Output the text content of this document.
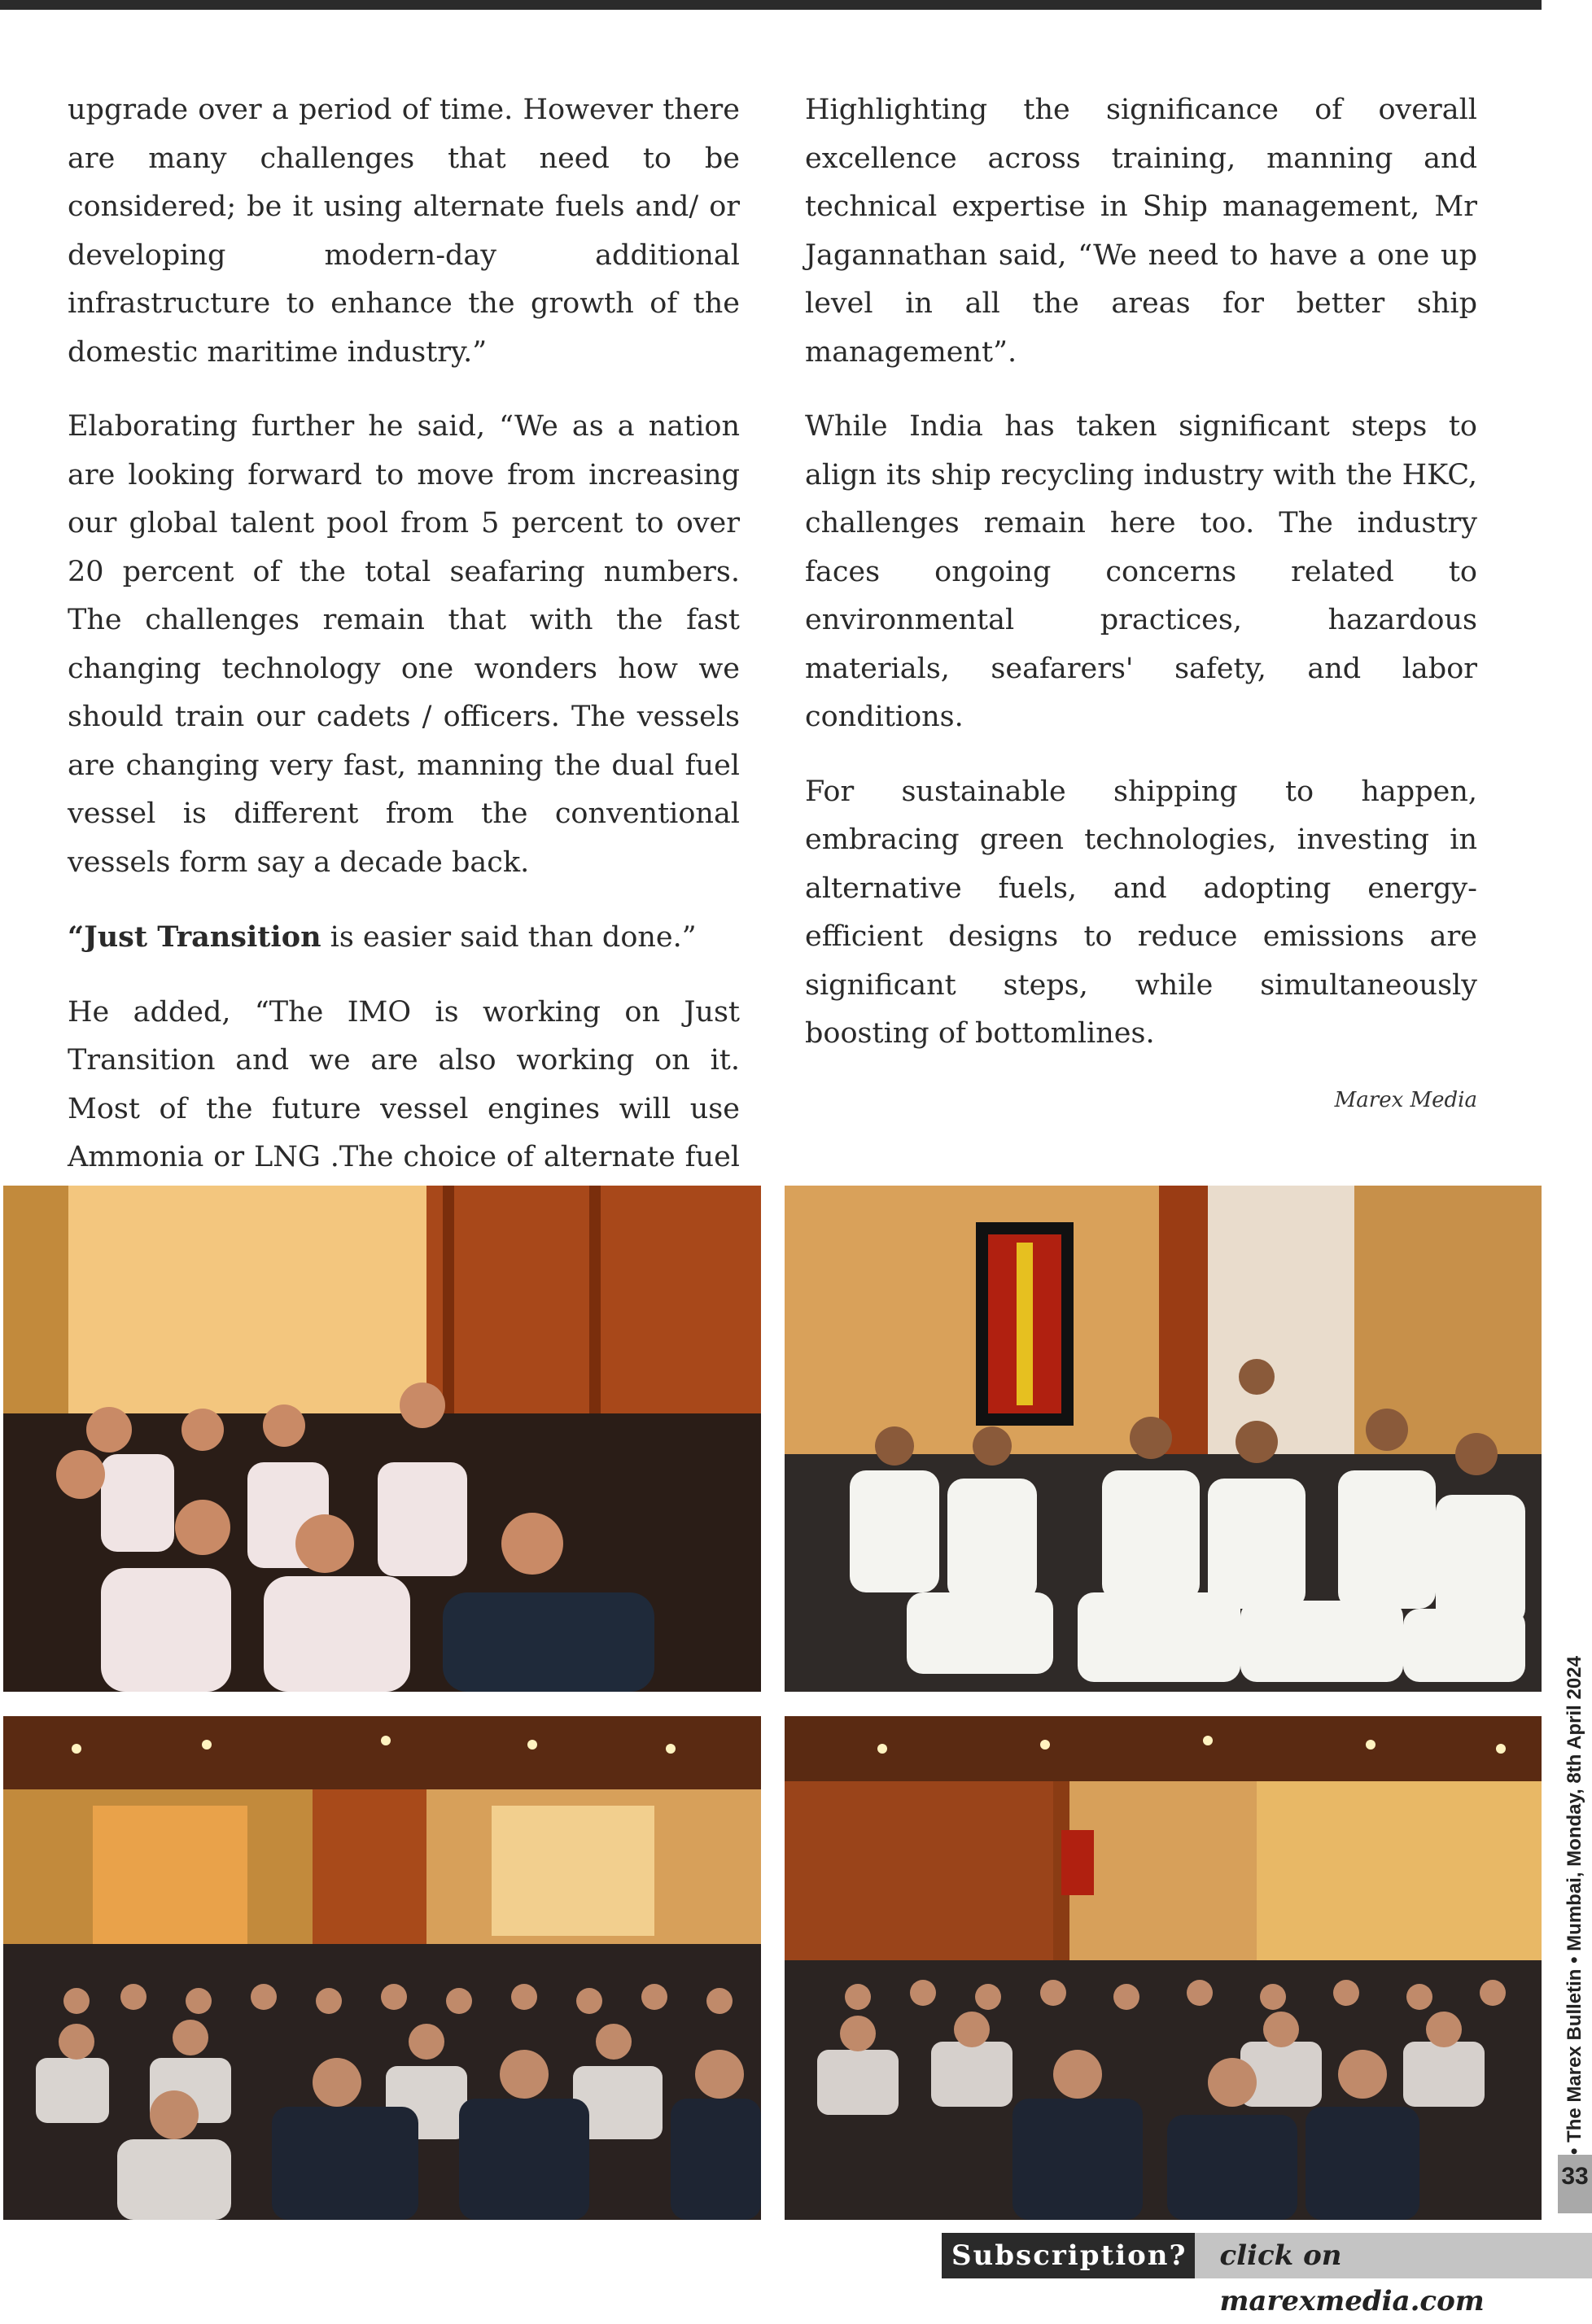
upgrade over a period of time. However there are many challenges that need to be considered; be it using alternate fuels and/ or developing modern-day additional infrastructure to enhance the growth of the domestic maritime industry.”

Elaborating further he said, “We as a nation are looking forward to move from increasing our global talent pool from 5 percent to over 20 percent of the total seafaring numbers. The challenges remain that with the fast changing technology one wonders how we should train our cadets / officers. The vessels are changing very fast, manning the dual fuel vessel is different from the conventional vessels form say a decade back.

“Just Transition is easier said than done.”

He added, “The IMO is working on Just Transition and we are also working on it. Most of the future vessel engines will use Ammonia or LNG .The choice of alternate fuel

Highlighting the significance of overall excellence across training, manning and technical expertise in Ship management, Mr Jagannathan said, “We need to have a one up level in all the areas for better ship management”.

While India has taken significant steps to align its ship recycling industry with the HKC, challenges remain here too. The industry faces ongoing concerns related to environmental practices, hazardous materials, seafarers' safety, and labor conditions.

For sustainable shipping to happen, embracing green technologies, investing in alternative fuels, and adopting energy-efficient designs to reduce emissions are significant steps, while simultaneously boosting of bottomlines.

Marex Media
• The Marex Bulletin • Mumbai, Monday, 8th April 2024
33
Subscription?	click on marexmedia.com
